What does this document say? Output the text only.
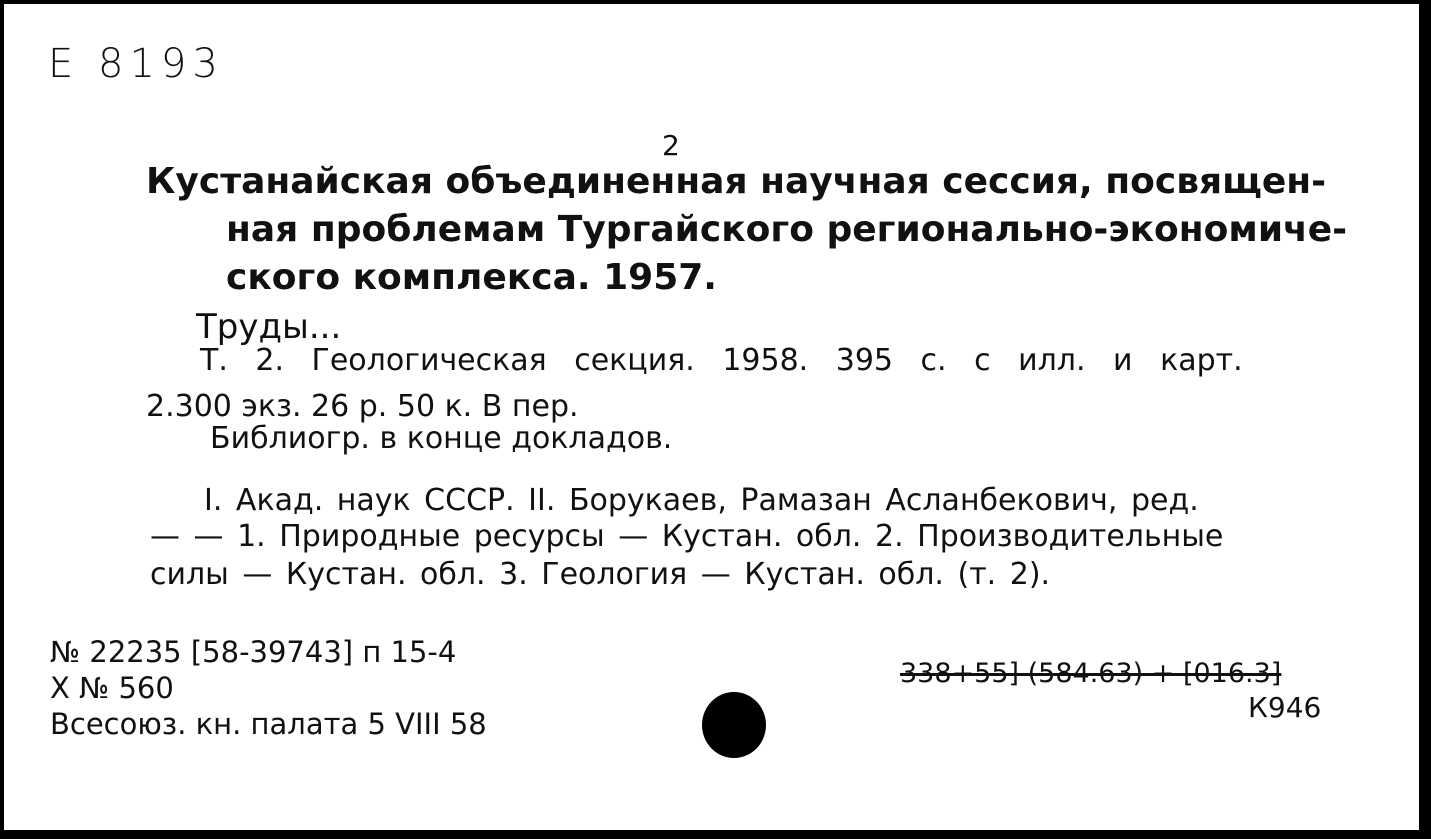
Е 8193
2
Кустанайская объединенная научная сессия, посвящен-
ная проблемам Тургайского регионально-экономиче-
ского комплекса. 1957.
Труды...
Т. 2. Геологическая секция. 1958. 395 с. с илл. и карт.
2.300 экз. 26 р. 50 к. В пер.
Библиогр. в конце докладов.
I. Акад. наук СССР. II. Борукаев, Рамазан Асланбекович, ред.
— — 1. Природные ресурсы — Кустан. обл. 2. Производительные
силы — Кустан. обл. 3. Геология — Кустан. обл. (т. 2).
№ 22235 [58-39743] п 15-4
Х № 560
Всесоюз. кн. палата 5 VIII 58
338+55] (584.63) + [016.3]
К946
